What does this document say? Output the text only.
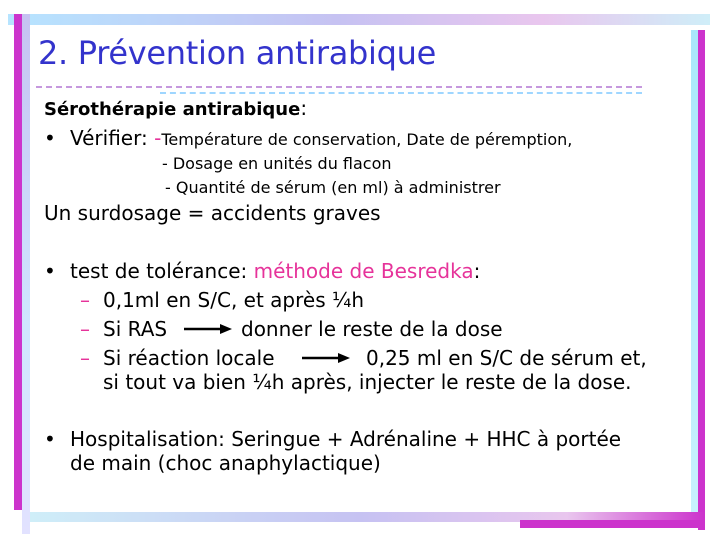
2. Prévention antirabique
Sérothérapie antirabique:
• Vérifier: -Température de conservation, Date de péremption,
- Dosage en unités du flacon
- Quantité de sérum (en ml) à administrer
Un surdosage = accidents graves
• test de tolérance: méthode de Besredka:
– 0,1ml en S/C, et après ¼h
– Si RAS	donner le reste de la dose
– Si réaction locale	0,25 ml en S/C de sérum et,
si tout va bien ¼h après, injecter le reste de la dose.
• Hospitalisation: Seringue + Adrénaline + HHC à portée
de main (choc anaphylactique)
